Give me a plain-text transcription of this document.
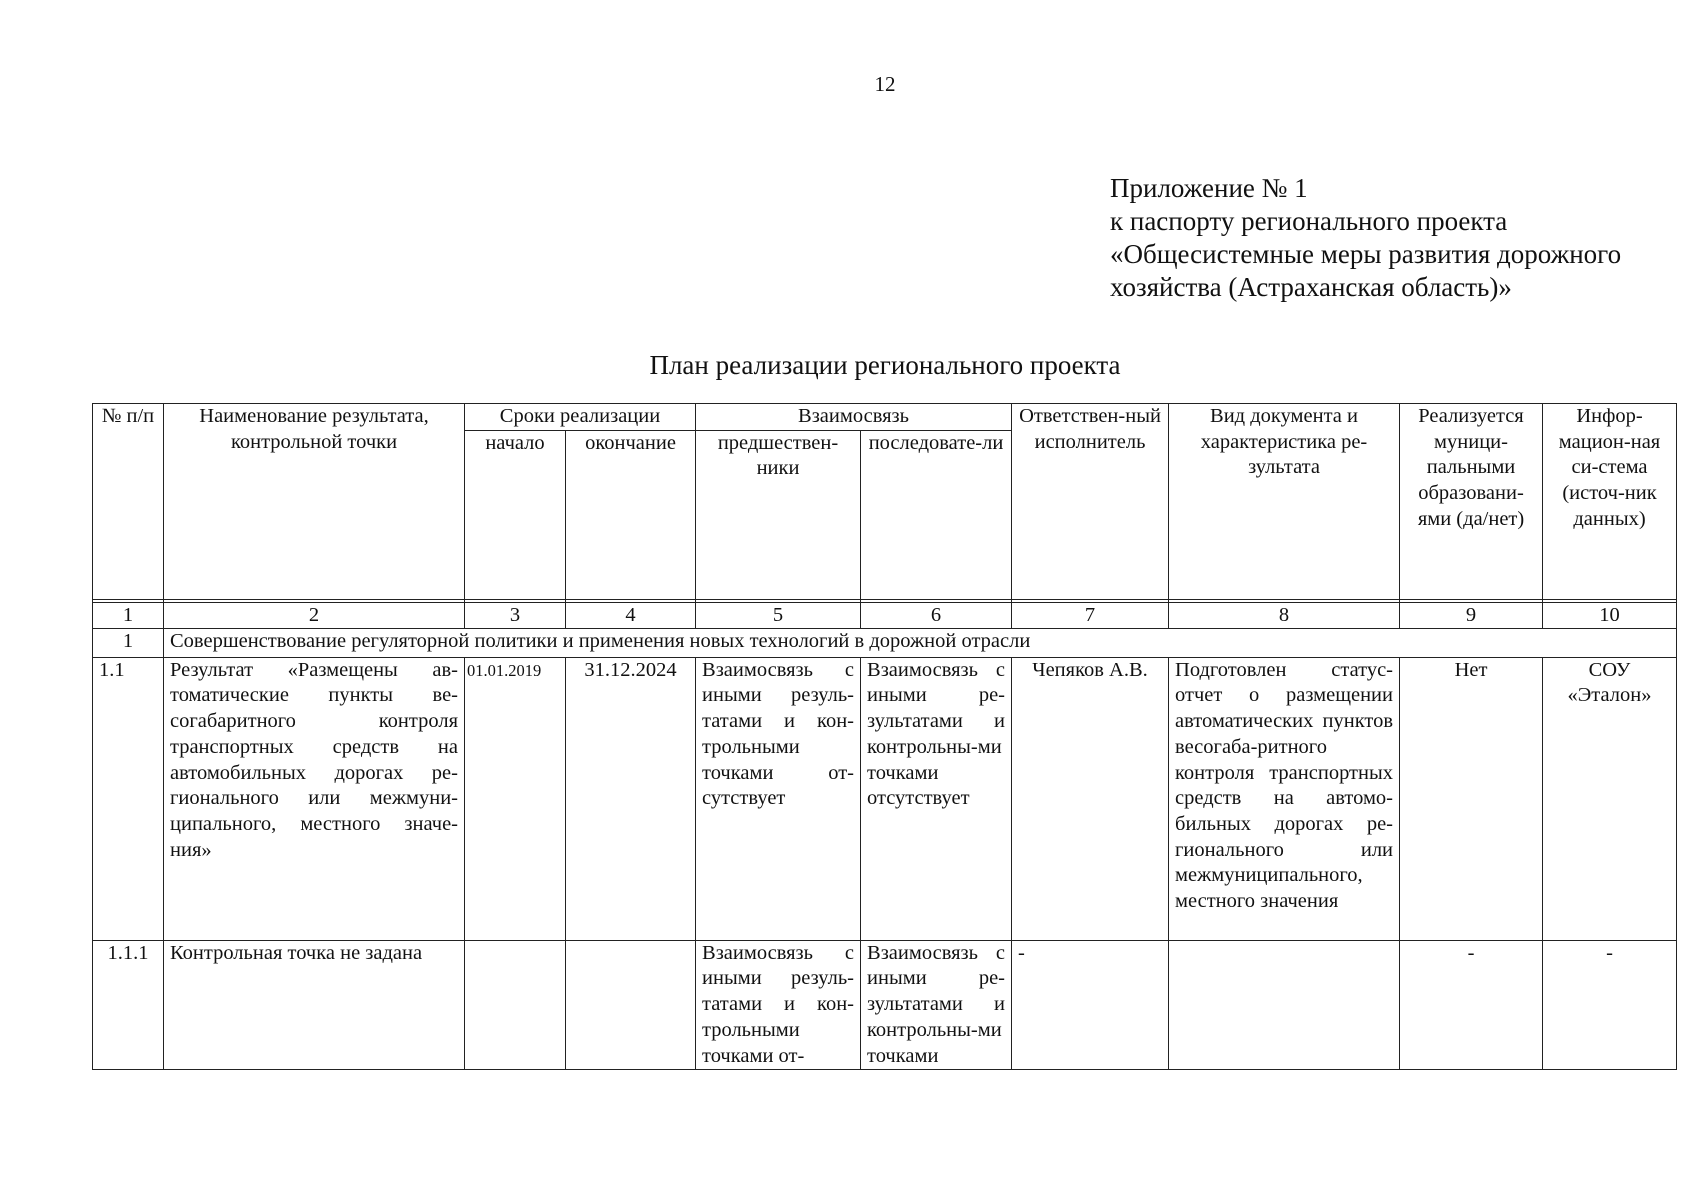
12
Приложение № 1
к паспорту регионального проекта
«Общесистемные меры развития дорожного
хозяйства (Астраханская область)»
План реализации регионального проекта
№ п/п	Наименование результата, контрольной точки	Сроки реализации		Взаимосвязь		Ответствен-ный исполнитель	Вид документа и характеристика ре-зультата	Реализуется муници-пальными образовани-ями (да/нет)	Инфор-мацион-ная си-стема (источ-ник данных)
		начало	окончание	предшествен-ники	последовате-ли				

1	2	3	4	5	6	7	8	9	10
1	Совершенствование регуляторной политики и применения новых технологий в дорожной отрасли								
1.1	Результат «Размещены ав-томатические пункты ве-согабаритного контроля транспортных средств на автомобильных дорогах ре-гионального или межмуни-ципального, местного значе-ния»	01.01.2019	31.12.2024	Взаимосвязь с иными резуль-татами и кон-трольными точками от-сутствует	Взаимосвязь с иными ре-зультатами и контрольны-ми точками отсутствует	Чепяков А.В.	Подготовлен статус-отчет о размещении автоматических пунктов весогаба-ритного контроля транспортных средств на автомо-бильных дорогах ре-гионального или межмуниципального, местного значения	Нет	СОУ «Эталон»
1.1.1	Контрольная точка не задана			Взаимосвязь с иными резуль-татами и кон-трольными точками от-	Взаимосвязь с иными ре-зультатами и контрольны-ми точками	-		-	-
